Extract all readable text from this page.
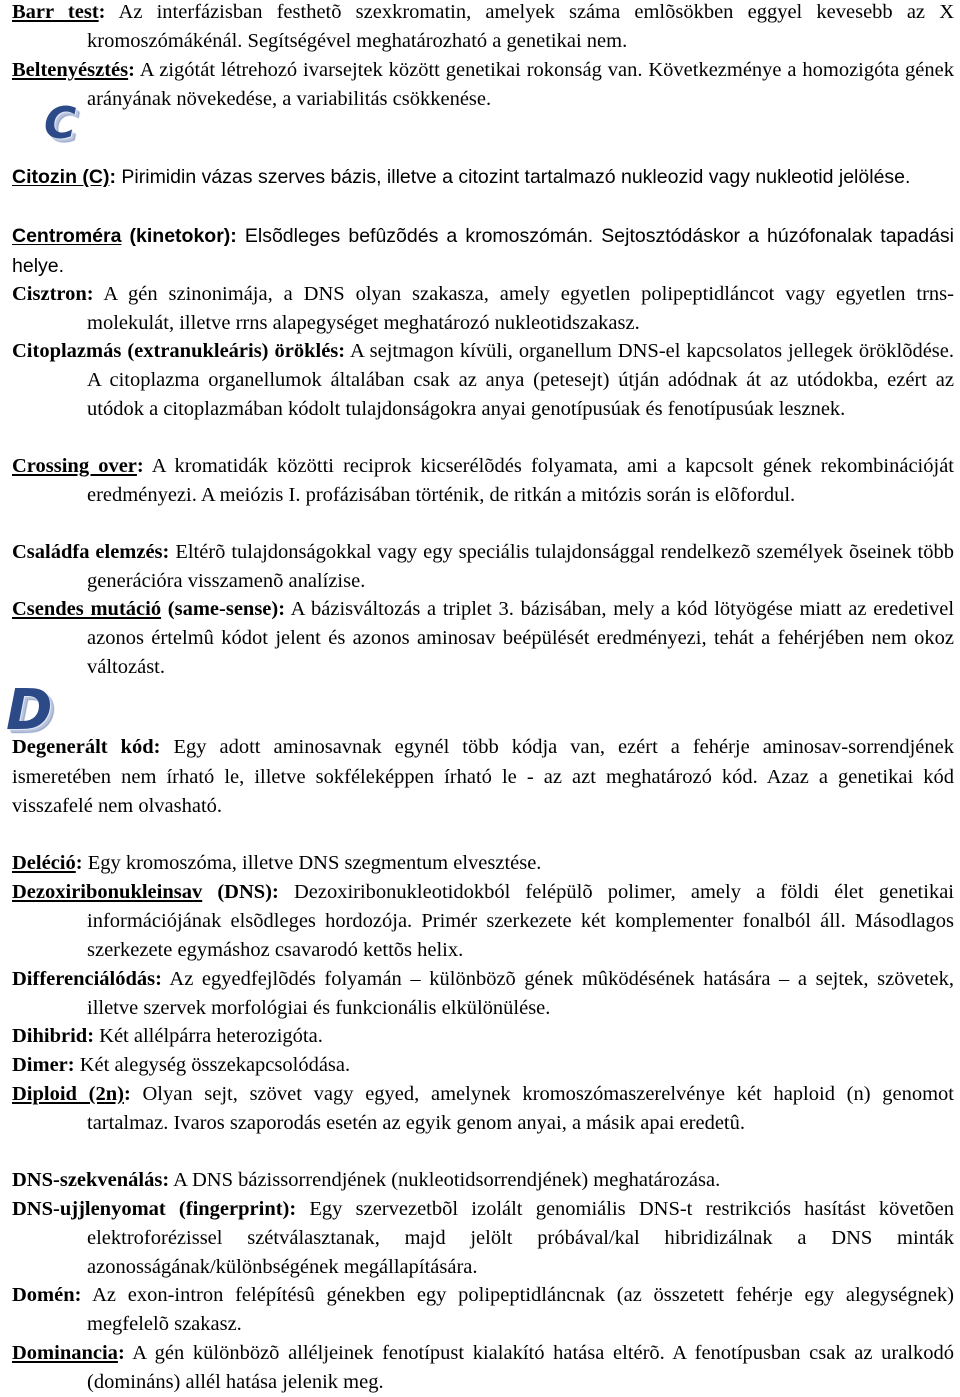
C
D
Barr test: Az interfázisban festhetõ szexkromatin, amelyek száma emlõsökben eggyel kevesebb az X kromoszómákénál. Segítségével meghatározható a genetikai nem.
Beltenyésztés: A zigótát létrehozó ivarsejtek között genetikai rokonság van. Következménye a homozigóta gének arányának növekedése, a variabilitás csökkenése.
Citozin (C): Pirimidin vázas szerves bázis, illetve a citozint tartalmazó nukleozid vagy nukleotid jelölése.
Centroméra (kinetokor): Elsõdleges befûzõdés a kromoszómán. Sejtosztódáskor a húzófonalak tapadási helye.
Cisztron: A gén szinonimája, a DNS olyan szakasza, amely egyetlen polipeptidláncot vagy egyetlen trns-molekulát, illetve rrns alapegységet meghatározó nukleotidszakasz.
Citoplazmás (extranukleáris) öröklés: A sejtmagon kívüli, organellum DNS-el kapcsolatos jellegek öröklõdése. A citoplazma organellumok általában csak az anya (petesejt) útján adódnak át az utódokba, ezért az utódok a citoplazmában kódolt tulajdonságokra anyai genotípusúak és fenotípusúak lesznek.
Crossing over: A kromatidák közötti reciprok kicserélõdés folyamata, ami a kapcsolt gének rekombinációját eredményezi. A meiózis I. profázisában történik, de ritkán a mitózis során is elõfordul.
Családfa elemzés: Eltérõ tulajdonságokkal vagy egy speciális tulajdonsággal rendelkezõ személyek õseinek több generációra visszamenõ analízise.
Csendes mutáció (same-sense): A bázisváltozás a triplet 3. bázisában, mely a kód lötyögése miatt az eredetivel azonos értelmû kódot jelent és azonos aminosav beépülését eredményezi, tehát a fehérjében nem okoz változást.
Degenerált kód: Egy adott aminosavnak egynél több kódja van, ezért a fehérje aminosav-sorrendjének ismeretében nem írható le, illetve sokféleképpen írható le - az azt meghatározó kód. Azaz a genetikai kód visszafelé nem olvasható.
Deléció: Egy kromoszóma, illetve DNS szegmentum elvesztése.
Dezoxiribonukleinsav (DNS): Dezoxiribonukleotidokból felépülõ polimer, amely a földi élet genetikai információjának elsõdleges hordozója. Primér szerkezete két komplementer fonalból áll. Másodlagos szerkezete egymáshoz csavarodó kettõs helix.
Differenciálódás: Az egyedfejlõdés folyamán – különbözõ gének mûködésének hatására – a sejtek, szövetek, illetve szervek morfológiai és funkcionális elkülönülése.
Dihibrid: Két allélpárra heterozigóta.
Dimer: Két alegység összekapcsolódása.
Diploid (2n): Olyan sejt, szövet vagy egyed, amelynek kromoszómaszerelvénye két haploid (n) genomot tartalmaz. Ivaros szaporodás esetén az egyik genom anyai, a másik apai eredetû.
DNS-szekvenálás: A DNS bázissorrendjének (nukleotidsorrendjének) meghatározása.
DNS-ujjlenyomat (fingerprint): Egy szervezetbõl izolált genomiális DNS-t restrikciós hasítást követõen elektroforézissel szétválasztanak, majd jelölt próbával/kal hibridizálnak a DNS minták azonosságának/különbségének megállapítására.
Domén: Az exon-intron felépítésû génekben egy polipeptidláncnak (az összetett fehérje egy alegységnek) megfelelõ szakasz.
Dominancia: A gén különbözõ alléljeinek fenotípust kialakító hatása eltérõ. A fenotípusban csak az uralkodó (domináns) allél hatása jelenik meg.
